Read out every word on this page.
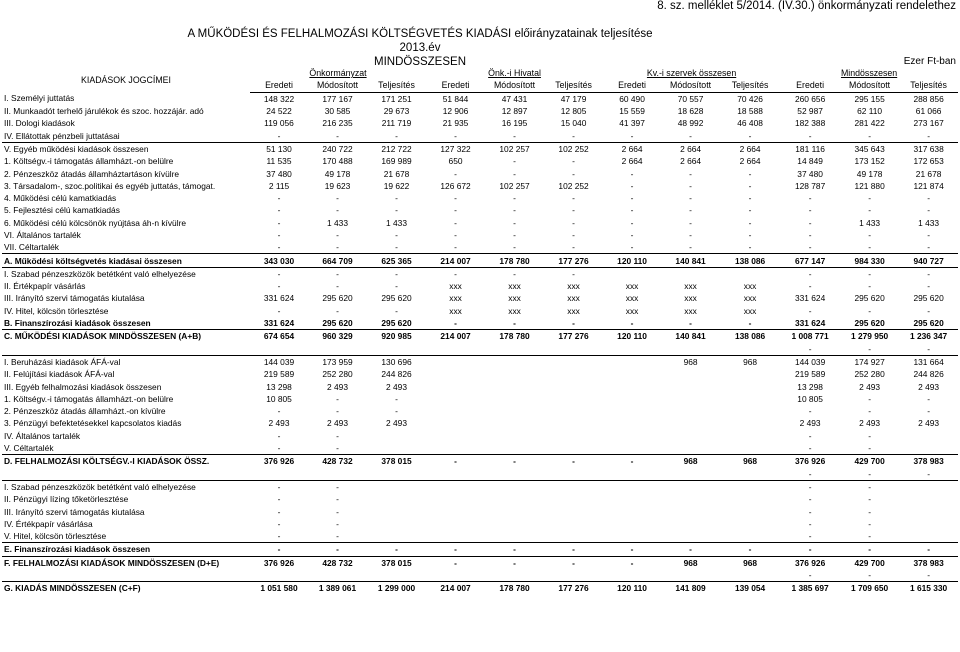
8. sz. melléklet 5/2014. (IV.30.) önkormányzati rendelethez
A MŰKÖDÉSI ÉS FELHALMOZÁSI KÖLTSÉGVETÉS KIADÁSI előirányzatainak teljesítése 2013.év
MINDÖSSZESEN	Ezer Ft-ban
KIADÁSOK JOGCÍMEI	Önkormányzat			Önk.-i Hivatal			Kv.-i szervek összesen			Mindösszesen		
	Eredeti	Módosított	Teljesítés	Eredeti	Módosított	Teljesítés	Eredeti	Módosított	Teljesítés	Eredeti	Módosított	Teljesítés
I. Személyi juttatás	148 322	177 167	171 251	51 844	47 431	47 179	60 490	70 557	70 426	260 656	295 155	288 856
II. Munkaadót terhelő járulékok és szoc. hozzájár. adó	24 522	30 585	29 673	12 906	12 897	12 805	15 559	18 628	18 588	52 987	62 110	61 066
III. Dologi kiadások	119 056	216 235	211 719	21 935	16 195	15 040	41 397	48 992	46 408	182 388	281 422	273 167
IV. Ellátottak pénzbeli juttatásai	-	-	-	-	-	-	-	-	-	-	-	-
V. Egyéb működési kiadások összesen	51 130	240 722	212 722	127 322	102 257	102 252	2 664	2 664	2 664	181 116	345 643	317 638
1. Költségv.-i támogatás államházt.-on belülre	11 535	170 488	169 989	650	-	-	2 664	2 664	2 664	14 849	173 152	172 653
2. Pénzeszköz átadás államháztartáson kívülre	37 480	49 178	21 678	-	-	-	-	-	-	37 480	49 178	21 678
3. Társadalom-, szoc.politikai és egyéb juttatás, támogat.	2 115	19 623	19 622	126 672	102 257	102 252	-	-	-	128 787	121 880	121 874
4. Működési célú kamatkiadás	-	-	-	-	-	-	-	-	-	-	-	-
5. Fejlesztési célú kamatkiadás	-	-	-	-	-	-	-	-	-	-	-	-
6. Működési célú kölcsönök nyújtása áh-n kívülre	-	1 433	1 433	-	-	-	-	-	-	-	1 433	1 433
VI. Általános tartalék	-	-	-	-	-	-	-	-	-	-	-	-
VII. Céltartalék	-	-	-	-	-	-	-	-	-	-	-	-
A. Működési költségvetés kiadásai összesen	343 030	664 709	625 365	214 007	178 780	177 276	120 110	140 841	138 086	677 147	984 330	940 727
I. Szabad pénzeszközök betétként való elhelyezése	-	-	-	-	-	-				-	-	-
II. Értékpapír vásárlás	-	-	-	xxx	xxx	xxx	xxx	xxx	xxx	-	-	-
III. Irányító szervi támogatás kiutalása	331 624	295 620	295 620	xxx	xxx	xxx	xxx	xxx	xxx	331 624	295 620	295 620
IV. Hitel, kölcsön törlesztése	-	-	-	xxx	xxx	xxx	xxx	xxx	xxx	-	-	-
B. Finanszírozási kiadások összesen	331 624	295 620	295 620	-	-	-	-	-	-	331 624	295 620	295 620
C. MŰKÖDÉSI KIADÁSOK MINDÖSSZESEN (A+B)	674 654	960 329	920 985	214 007	178 780	177 276	120 110	140 841	138 086	1 008 771	1 279 950	1 236 347
										-	-	-
I. Beruházási kiadások ÁFÁ-val	144 039	173 959	130 696					968	968	144 039	174 927	131 664
II. Felújítási kiadások ÁFÁ-val	219 589	252 280	244 826							219 589	252 280	244 826
III. Egyéb felhalmozási kiadások összesen	13 298	2 493	2 493							13 298	2 493	2 493
1. Költségv.-i támogatás államházt.-on belülre	10 805	-	-							10 805	-	-
2. Pénzeszköz átadás államházt.-on kívülre	-	-	-							-	-	-
3. Pénzügyi befektetésekkel kapcsolatos kiadás	2 493	2 493	2 493							2 493	2 493	2 493
IV. Általános tartalék	-	-								-	-	
V. Céltartalék	-	-								-	-	
D. FELHALMOZÁSI KÖLTSÉGV.-I KIADÁSOK ÖSSZ.	376 926	428 732	378 015	-	-	-	-	968	968	376 926	429 700	378 983
										-	-	-
I. Szabad pénzeszközök betétként való elhelyezése	-	-								-	-	
II. Pénzügyi lízing tőketörlesztése	-	-								-	-	
III. Irányító szervi támogatás kiutalása	-	-								-	-	
IV. Értékpapír vásárlása	-	-								-	-	
V. Hitel, kölcsön törlesztése	-	-								-	-	
E. Finanszírozási kiadások összesen	-	-	-	-	-	-	-	-	-	-	-	-
F. FELHALMOZÁSI KIADÁSOK MINDÖSSZESEN (D+E)	376 926	428 732	378 015	-	-	-	-	968	968	376 926	429 700	378 983
										-	-	-
G. KIADÁS MINDÖSSZESEN (C+F)	1 051 580	1 389 061	1 299 000	214 007	178 780	177 276	120 110	141 809	139 054	1 385 697	1 709 650	1 615 330
